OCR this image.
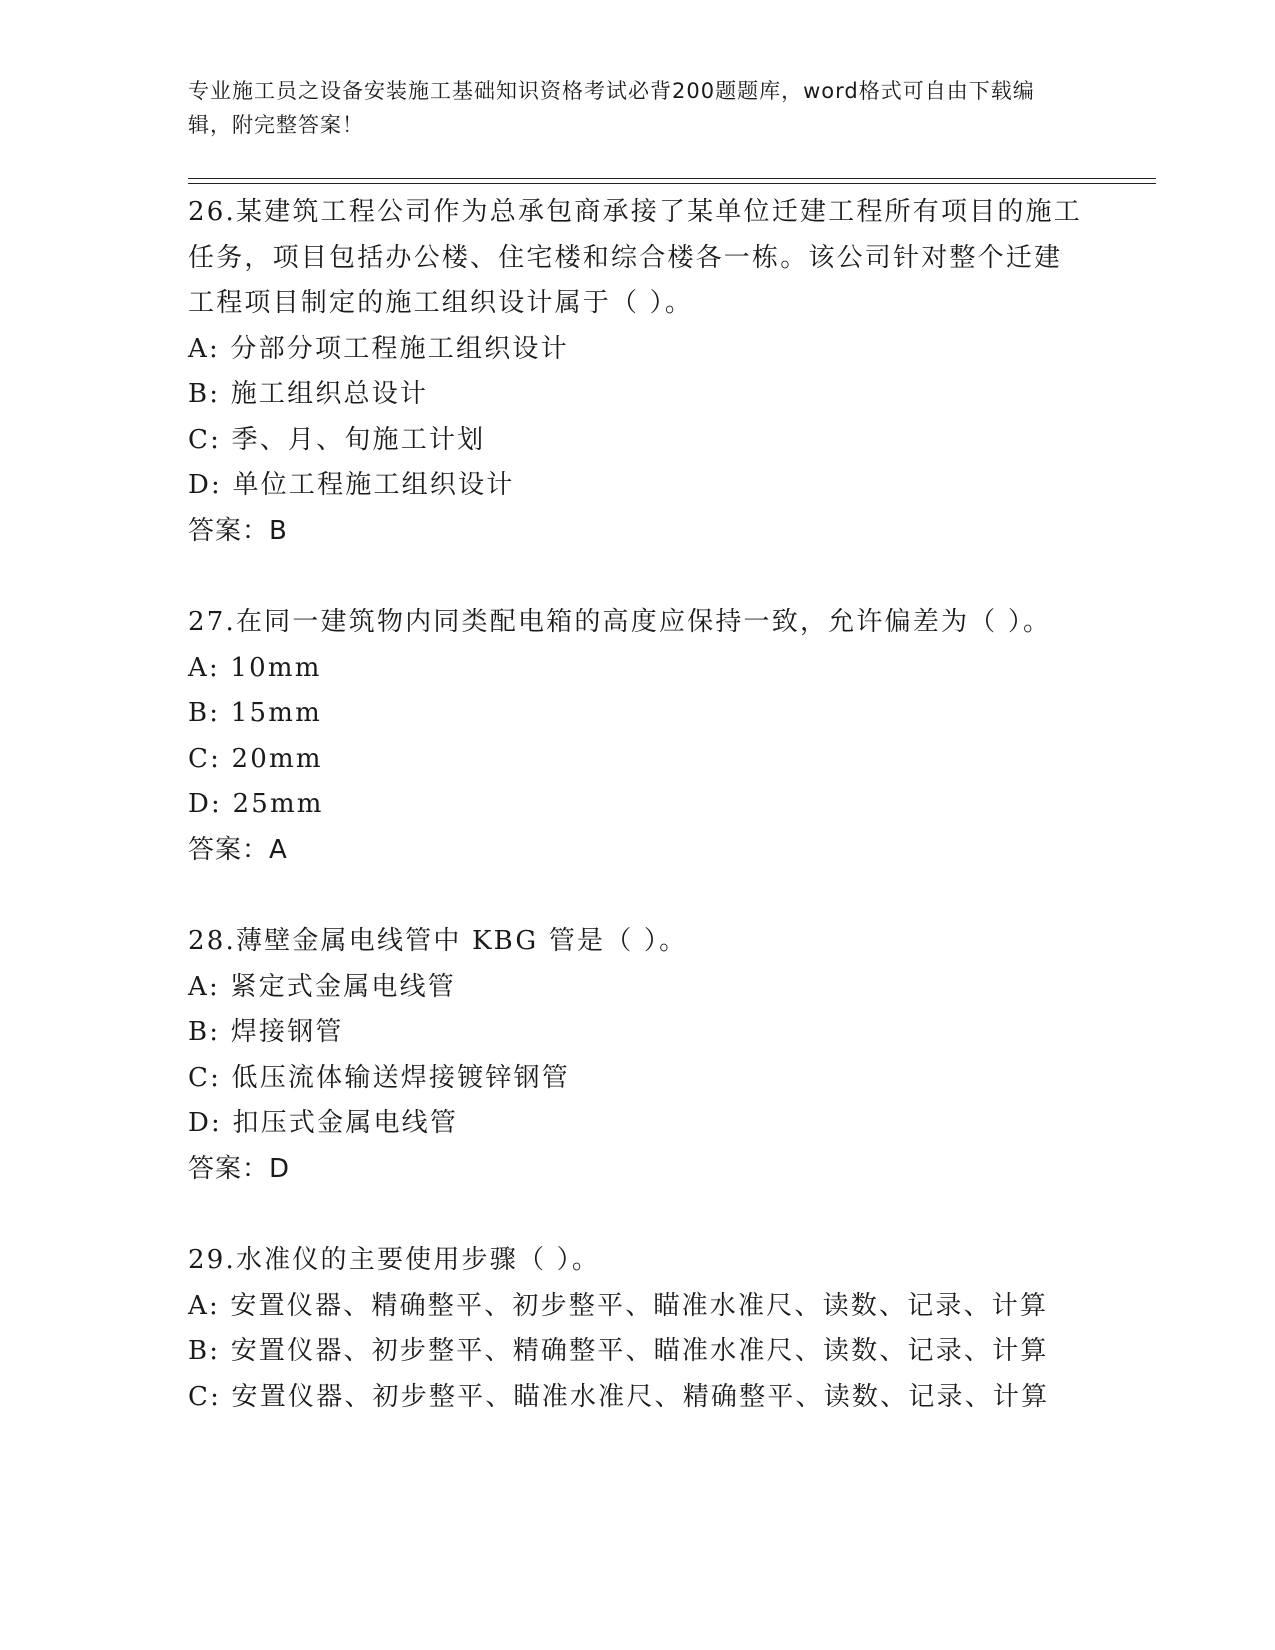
专业施工员之设备安装施工基础知识资格考试必背200题题库，word格式可自由下载编辑，附完整答案！

26.某建筑工程公司作为总承包商承接了某单位迁建工程所有项目的施工任务，项目包括办公楼、住宅楼和综合楼各一栋。该公司针对整个迁建工程项目制定的施工组织设计属于（ ）。

A: 分部分项工程施工组织设计
B: 施工组织总设计
C: 季、月、旬施工计划
D: 单位工程施工组织设计
答案：B

27.在同一建筑物内同类配电箱的高度应保持一致，允许偏差为（ ）。

A: 10mm
B: 15mm
C: 20mm
D: 25mm
答案：A

28.薄壁金属电线管中 KBG 管是（ ）。

A: 紧定式金属电线管
B: 焊接钢管
C: 低压流体输送焊接镀锌钢管
D: 扣压式金属电线管
答案：D

29.水准仪的主要使用步骤（ ）。

A: 安置仪器、精确整平、初步整平、瞄准水准尺、读数、记录、计算
B: 安置仪器、初步整平、精确整平、瞄准水准尺、读数、记录、计算
C: 安置仪器、初步整平、瞄准水准尺、精确整平、读数、记录、计算
